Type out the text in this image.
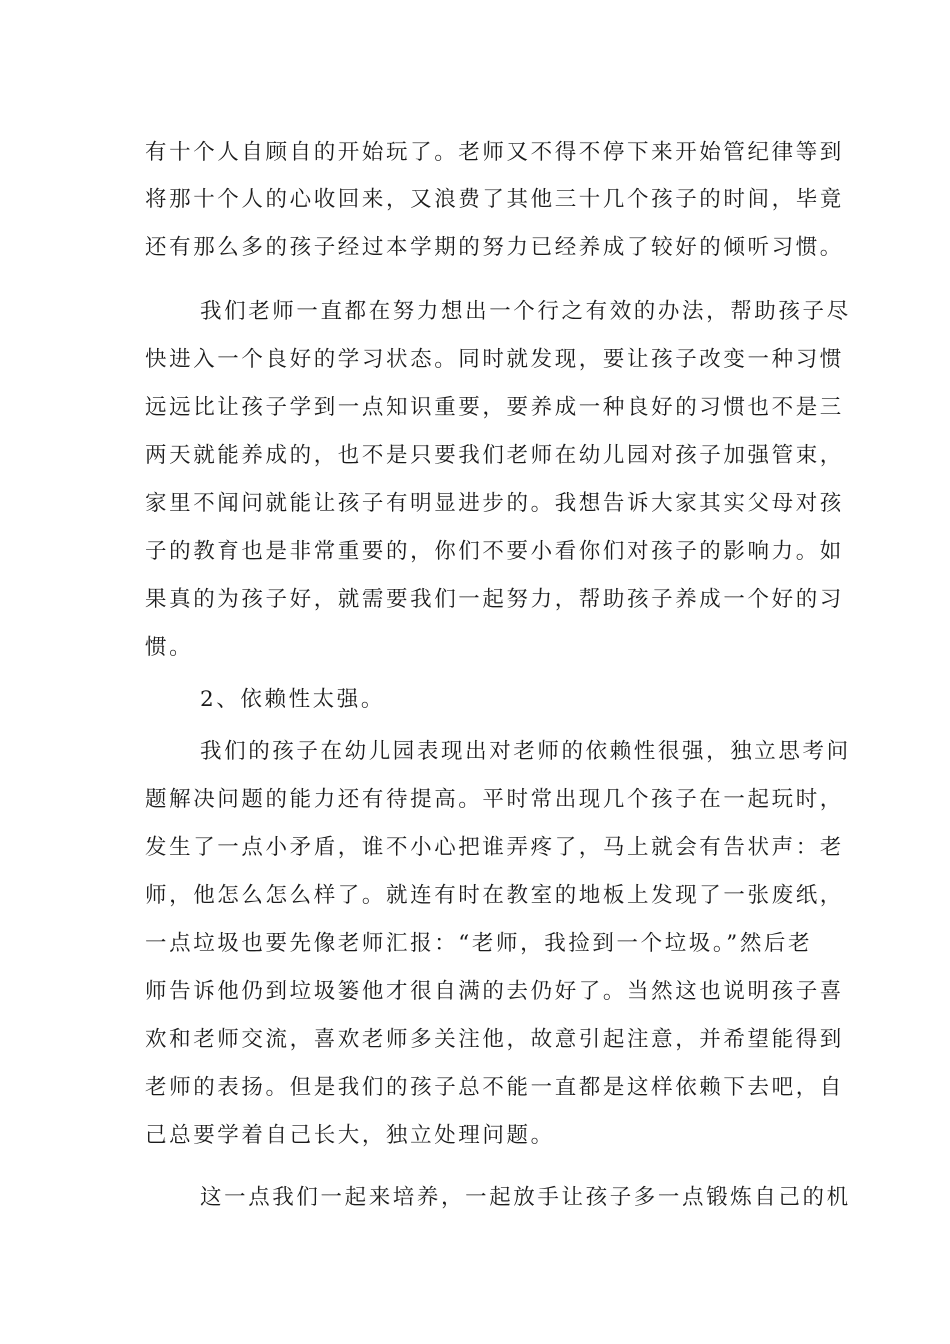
有十个人自顾自的开始玩了。老师又不得不停下来开始管纪律等到
将那十个人的心收回来，又浪费了其他三十几个孩子的时间，毕竟
还有那么多的孩子经过本学期的努力已经养成了较好的倾听习惯。
我们老师一直都在努力想出一个行之有效的办法，帮助孩子尽
快进入一个良好的学习状态。同时就发现，要让孩子改变一种习惯
远远比让孩子学到一点知识重要，要养成一种良好的习惯也不是三
两天就能养成的，也不是只要我们老师在幼儿园对孩子加强管束，
家里不闻问就能让孩子有明显进步的。我想告诉大家其实父母对孩
子的教育也是非常重要的，你们不要小看你们对孩子的影响力。如
果真的为孩子好，就需要我们一起努力，帮助孩子养成一个好的习
惯。
2、依赖性太强。
我们的孩子在幼儿园表现出对老师的依赖性很强，独立思考问
题解决问题的能力还有待提高。平时常出现几个孩子在一起玩时，
发生了一点小矛盾，谁不小心把谁弄疼了，马上就会有告状声：老
师，他怎么怎么样了。就连有时在教室的地板上发现了一张废纸，
一点垃圾也要先像老师汇报：“老师，我捡到一个垃圾。”然后老
师告诉他仍到垃圾篓他才很自满的去仍好了。当然这也说明孩子喜
欢和老师交流，喜欢老师多关注他，故意引起注意，并希望能得到
老师的表扬。但是我们的孩子总不能一直都是这样依赖下去吧，自
己总要学着自己长大，独立处理问题。
这一点我们一起来培养，一起放手让孩子多一点锻炼自己的机
